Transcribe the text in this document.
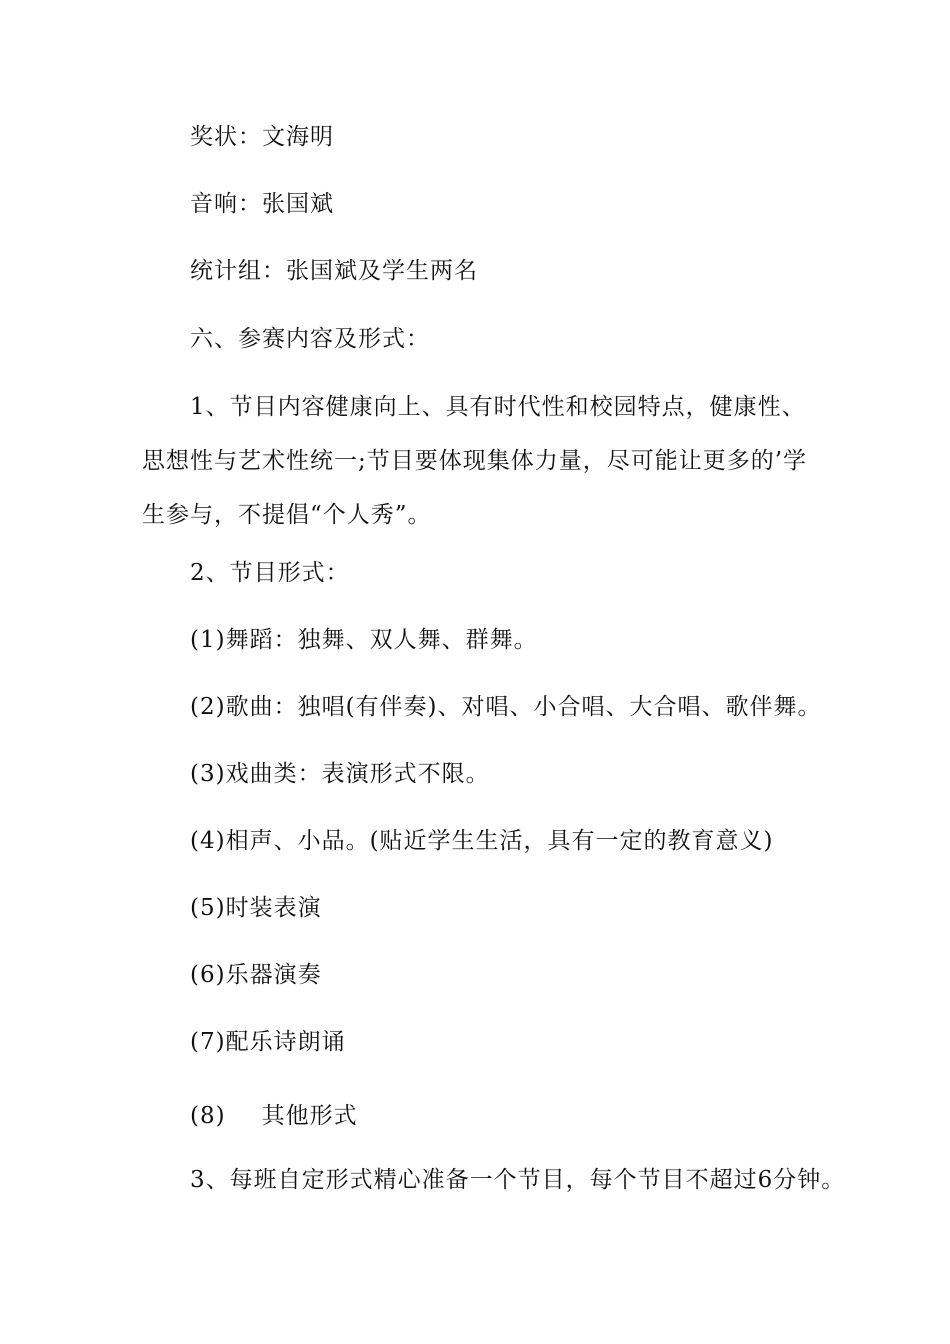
奖状：文海明
音响：张国斌
统计组：张国斌及学生两名
六、参赛内容及形式：
1、节目内容健康向上、具有时代性和校园特点，健康性、思想性与艺术性统一;节目要体现集体力量，尽可能让更多的’学生参与，不提倡“个人秀”。
2、节目形式：
(1)舞蹈：独舞、双人舞、群舞。
(2)歌曲：独唱(有伴奏)、对唱、小合唱、大合唱、歌伴舞。
(3)戏曲类：表演形式不限。
(4)相声、小品。(贴近学生生活，具有一定的教育意义)
(5)时装表演
(6)乐器演奏
(7)配乐诗朗诵
(8) 其他形式
3、每班自定形式精心准备一个节目，每个节目不超过6分钟。
